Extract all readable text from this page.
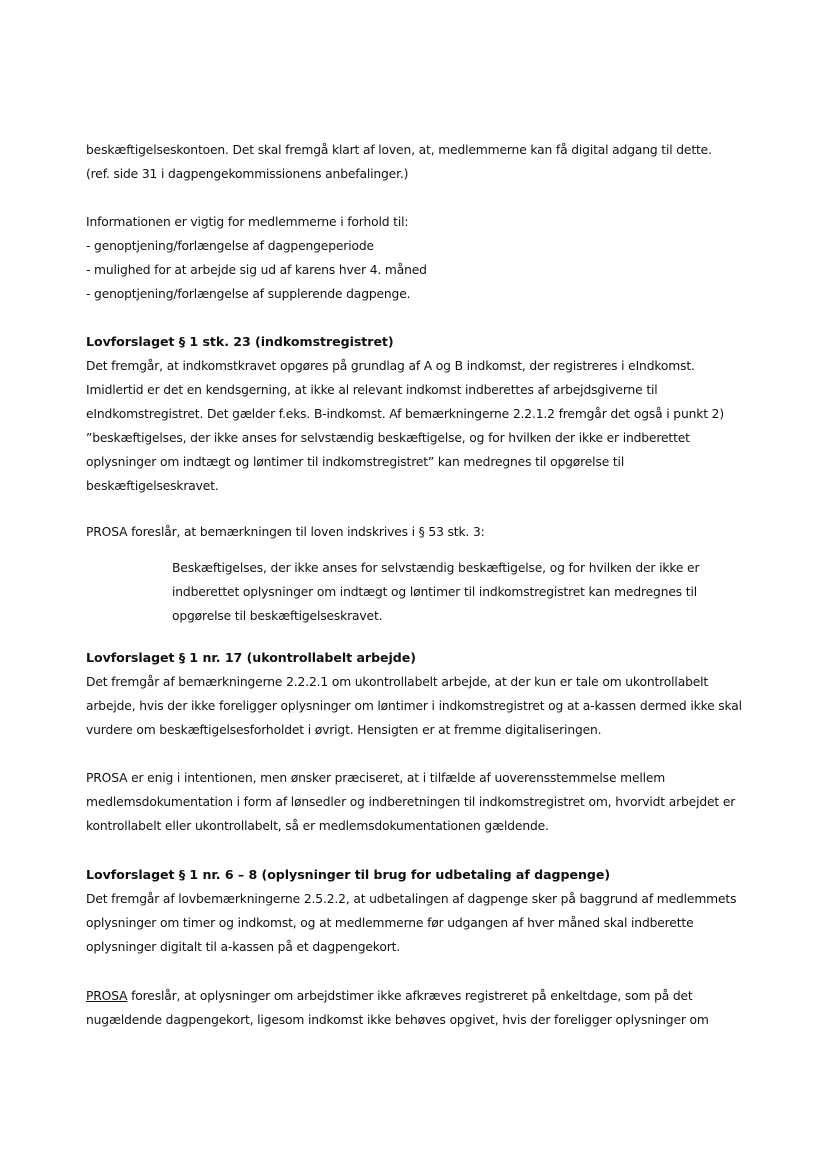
beskæftigelseskontoen. Det skal fremgå klart af loven, at, medlemmerne kan få digital adgang til dette.
(ref. side 31 i dagpengekommissionens anbefalinger.)
Informationen er vigtig for medlemmerne i forhold til:
- genoptjening/forlængelse af dagpengeperiode
- mulighed for at arbejde sig ud af karens hver 4. måned
- genoptjening/forlængelse af supplerende dagpenge.
Lovforslaget § 1 stk. 23 (indkomstregistret)
Det fremgår, at indkomstkravet opgøres på grundlag af A og B indkomst, der registreres i eIndkomst.
Imidlertid er det en kendsgerning, at ikke al relevant indkomst indberettes af arbejdsgiverne til
eIndkomstregistret. Det gælder f.eks. B-indkomst. Af bemærkningerne 2.2.1.2 fremgår det også i punkt 2)
”beskæftigelses, der ikke anses for selvstændig beskæftigelse, og for hvilken der ikke er indberettet
oplysninger om indtægt og løntimer til indkomstregistret” kan medregnes til opgørelse til
beskæftigelseskravet.
PROSA foreslår, at bemærkningen til loven indskrives i § 53 stk. 3:
Beskæftigelses, der ikke anses for selvstændig beskæftigelse, og for hvilken der ikke er
indberettet oplysninger om indtægt og løntimer til indkomstregistret kan medregnes til
opgørelse til beskæftigelseskravet.
Lovforslaget § 1 nr. 17 (ukontrollabelt arbejde)
Det fremgår af bemærkningerne 2.2.2.1 om ukontrollabelt arbejde, at der kun er tale om ukontrollabelt
arbejde, hvis der ikke foreligger oplysninger om løntimer i indkomstregistret og at a-kassen dermed ikke skal
vurdere om beskæftigelsesforholdet i øvrigt. Hensigten er at fremme digitaliseringen.
PROSA er enig i intentionen, men ønsker præciseret, at i tilfælde af uoverensstemmelse mellem
medlemsdokumentation i form af lønsedler og indberetningen til indkomstregistret om, hvorvidt arbejdet er
kontrollabelt eller ukontrollabelt, så er medlemsdokumentationen gældende.
Lovforslaget § 1 nr. 6 – 8 (oplysninger til brug for udbetaling af dagpenge)
Det fremgår af lovbemærkningerne 2.5.2.2, at udbetalingen af dagpenge sker på baggrund af medlemmets
oplysninger om timer og indkomst, og at medlemmerne før udgangen af hver måned skal indberette
oplysninger digitalt til a-kassen på et dagpengekort.
PROSA foreslår, at oplysninger om arbejdstimer ikke afkræves registreret på enkeltdage, som på det
nugældende dagpengekort, ligesom indkomst ikke behøves opgivet, hvis der foreligger oplysninger om
